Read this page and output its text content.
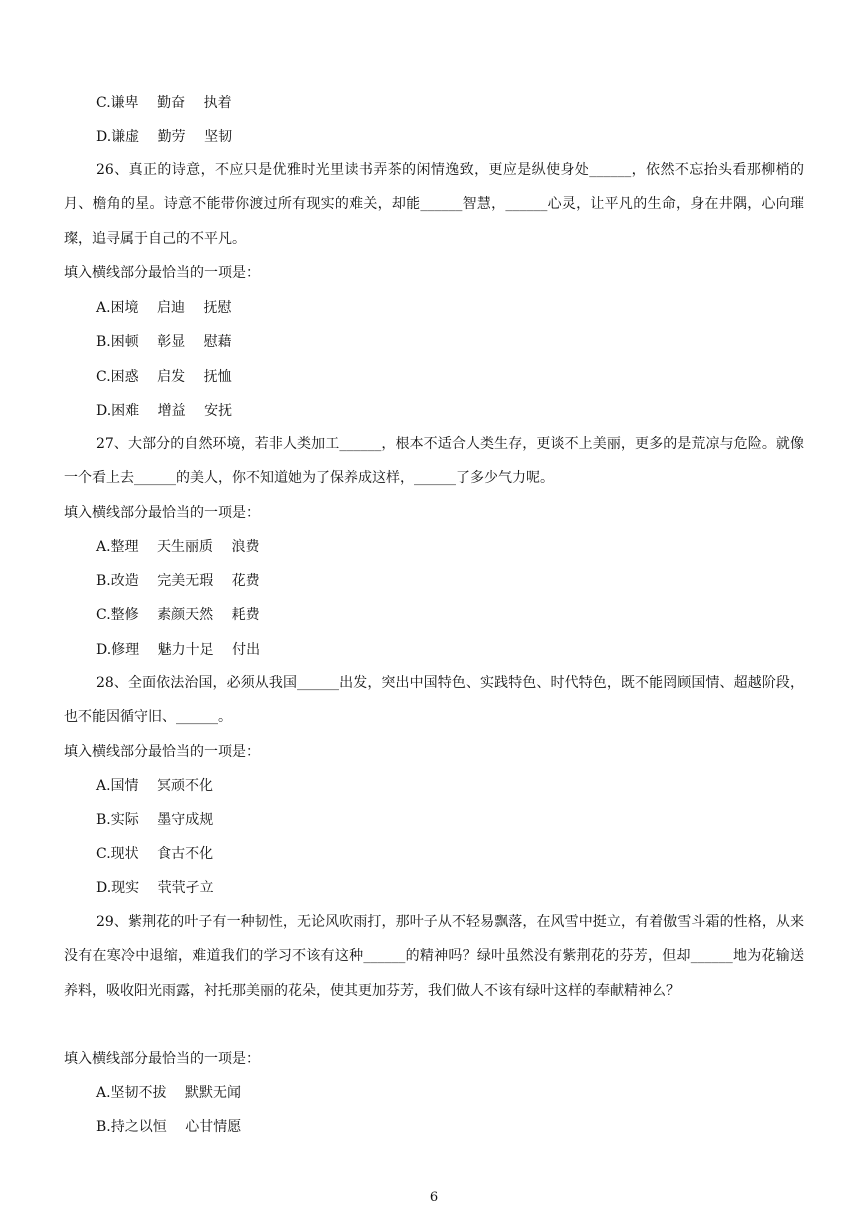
C.谦卑　 勤奋　 执着
D.谦虚　 勤劳　 坚韧
26、真正的诗意，不应只是优雅时光里读书弄茶的闲情逸致，更应是纵使身处______，依然不忘抬头看那柳梢的月、檐角的星。诗意不能带你渡过所有现实的难关，却能______智慧，______心灵，让平凡的生命，身在井隅，心向璀璨，追寻属于自己的不平凡。
填入横线部分最恰当的一项是：
A.困境　 启迪　 抚慰
B.困顿　 彰显　 慰藉
C.困惑　 启发　 抚恤
D.困难　 增益　 安抚
27、大部分的自然环境，若非人类加工______，根本不适合人类生存，更谈不上美丽，更多的是荒凉与危险。就像一个看上去______的美人，你不知道她为了保养成这样，______了多少气力呢。
填入横线部分最恰当的一项是：
A.整理　 天生丽质　 浪费
B.改造　 完美无瑕　 花费
C.整修　 素颜天然　 耗费
D.修理　 魅力十足　 付出
28、全面依法治国，必须从我国______出发，突出中国特色、实践特色、时代特色，既不能罔顾国情、超越阶段，也不能因循守旧、______。
填入横线部分最恰当的一项是：
A.国情　 冥顽不化
B.实际　 墨守成规
C.现状　 食古不化
D.现实　 茕茕孑立
29、紫荆花的叶子有一种韧性，无论风吹雨打，那叶子从不轻易飘落，在风雪中挺立，有着傲雪斗霜的性格，从来没有在寒冷中退缩，难道我们的学习不该有这种______的精神吗？绿叶虽然没有紫荆花的芬芳，但却______地为花输送养料，吸收阳光雨露，衬托那美丽的花朵，使其更加芬芳，我们做人不该有绿叶这样的奉献精神么？
填入横线部分最恰当的一项是：
A.坚韧不拔　 默默无闻
B.持之以恒　 心甘情愿
6
